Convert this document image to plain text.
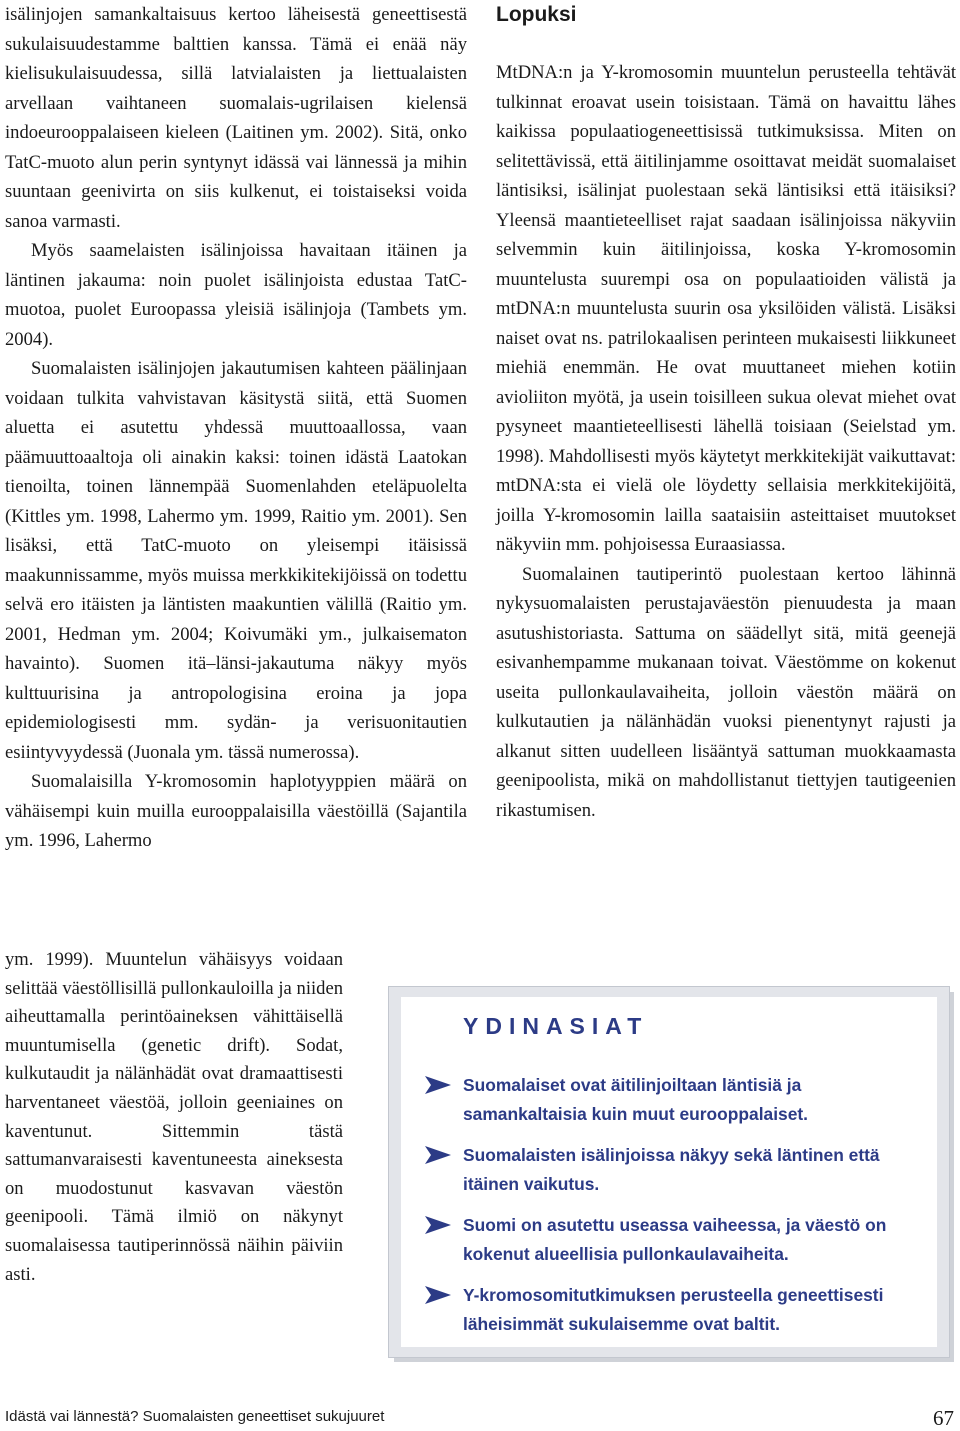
isälinjojen samankaltaisuus kertoo läheisestä geneettisestä sukulaisuudestamme balttien kanssa. Tämä ei enää näy kielisukulaisuudessa, sillä latvialaisten ja liettualaisten arvellaan vaihtaneen suomalais-ugrilaisen kielensä indoeurooppalaiseen kieleen (Laitinen ym. 2002). Sitä, onko TatC-muoto alun perin syntynyt idässä vai lännessä ja mihin suuntaan geenivirta on siis kulkenut, ei toistaiseksi voida sanoa varmasti.

Myös saamelaisten isälinjoissa havaitaan itäinen ja läntinen jakauma: noin puolet isälinjoista edustaa TatC-muotoa, puolet Euroopassa yleisiä isälinjoja (Tambets ym. 2004).

Suomalaisten isälinjojen jakautumisen kahteen päälinjaan voidaan tulkita vahvistavan käsitystä siitä, että Suomen aluetta ei asutettu yhdessä muuttoaallossa, vaan päämuuttoaaltoja oli ainakin kaksi: toinen idästä Laatokan tienoilta, toinen lännempää Suomenlahden eteläpuolelta (Kittles ym. 1998, Lahermo ym. 1999, Raitio ym. 2001). Sen lisäksi, että TatC-muoto on yleisempi itäisissä maakunnissamme, myös muissa merkkikitekijöissä on todettu selvä ero itäisten ja läntisten maakuntien välillä (Raitio ym. 2001, Hedman ym. 2004; Koivumäki ym., julkaisematon havainto). Suomen itä–länsi-jakautuma näkyy myös kulttuurisina ja antropologisina eroina ja jopa epidemiologisesti mm. sydän- ja verisuonitautien esiintyvyydessä (Juonala ym. tässä numerossa).

Suomalaisilla Y-kromosomin haplotyyppien määrä on vähäisempi kuin muilla eurooppalaisilla väestöillä (Sajantila ym. 1996, Lahermo

ym. 1999). Muuntelun vähäisyys voidaan selittää väestöllisillä pullonkauloilla ja niiden aiheuttamalla perintöaineksen vähittäisellä muuntumisella (genetic drift). Sodat, kulkutaudit ja nälänhädät ovat dramaattisesti harventaneet väestöä, jolloin geeniaines on kaventunut. Sittemmin tästä sattumanvaraisesti kaventuneesta aineksesta on muodostunut kasvavan väestön geenipooli. Tämä ilmiö on näkynyt suomalaisessa tautiperinnössä näihin päiviin asti.
Lopuksi

MtDNA:n ja Y-kromosomin muuntelun perusteella tehtävät tulkinnat eroavat usein toisistaan. Tämä on havaittu lähes kaikissa populaatiogeneettisissä tutkimuksissa. Miten on selitettävissä, että äitilinjamme osoittavat meidät suomalaiset läntisiksi, isälinjat puolestaan sekä läntisiksi että itäisiksi? Yleensä maantieteelliset rajat saadaan isälinjoissa näkyviin selvemmin kuin äitilinjoissa, koska Y-kromosomin muuntelusta suurempi osa on populaatioiden välistä ja mtDNA:n muuntelusta suurin osa yksilöiden välistä. Lisäksi naiset ovat ns. patrilokaalisen perinteen mukaisesti liikkuneet miehiä enemmän. He ovat muuttaneet miehen kotiin avioliiton myötä, ja usein toisilleen sukua olevat miehet ovat pysyneet maantieteellisesti lähellä toisiaan (Seielstad ym. 1998). Mahdollisesti myös käytetyt merkkitekijät vaikuttavat: mtDNA:sta ei vielä ole löydetty sellaisia merkkitekijöitä, joilla Y-kromosomin lailla saataisiin asteittaiset muutokset näkyviin mm. pohjoisessa Euraasiassa.

Suomalainen tautiperintö puolestaan kertoo lähinnä nykysuomalaisten perustajaväestön pienuudesta ja maan asutushistoriasta. Sattuma on säädellyt sitä, mitä geenejä esivanhempamme mukanaan toivat. Väestömme on kokenut useita pullonkaulavaiheita, jolloin väestön määrä on kulkutautien ja nälänhädän vuoksi pienentynyt rajusti ja alkanut sitten uudelleen lisääntyä sattuman muokkaamasta geenipoolista, mikä on mahdollistanut tiettyjen tautigeenien rikastumisen.

YDINASIAT
Suomalaiset ovat äitilinjoiltaan läntisiä ja samankaltaisia kuin muut eurooppalaiset.
Suomalaisten isälinjoissa näkyy sekä läntinen että itäinen vaikutus.
Suomi on asutettu useassa vaiheessa, ja väestö on kokenut alueellisia pullonkaulavaiheita.
Y-kromosomitutkimuksen perusteella geneettisesti läheisimmät sukulaisemme ovat baltit.
Idästä vai lännestä? Suomalaisten geneettiset sukujuuret	67
